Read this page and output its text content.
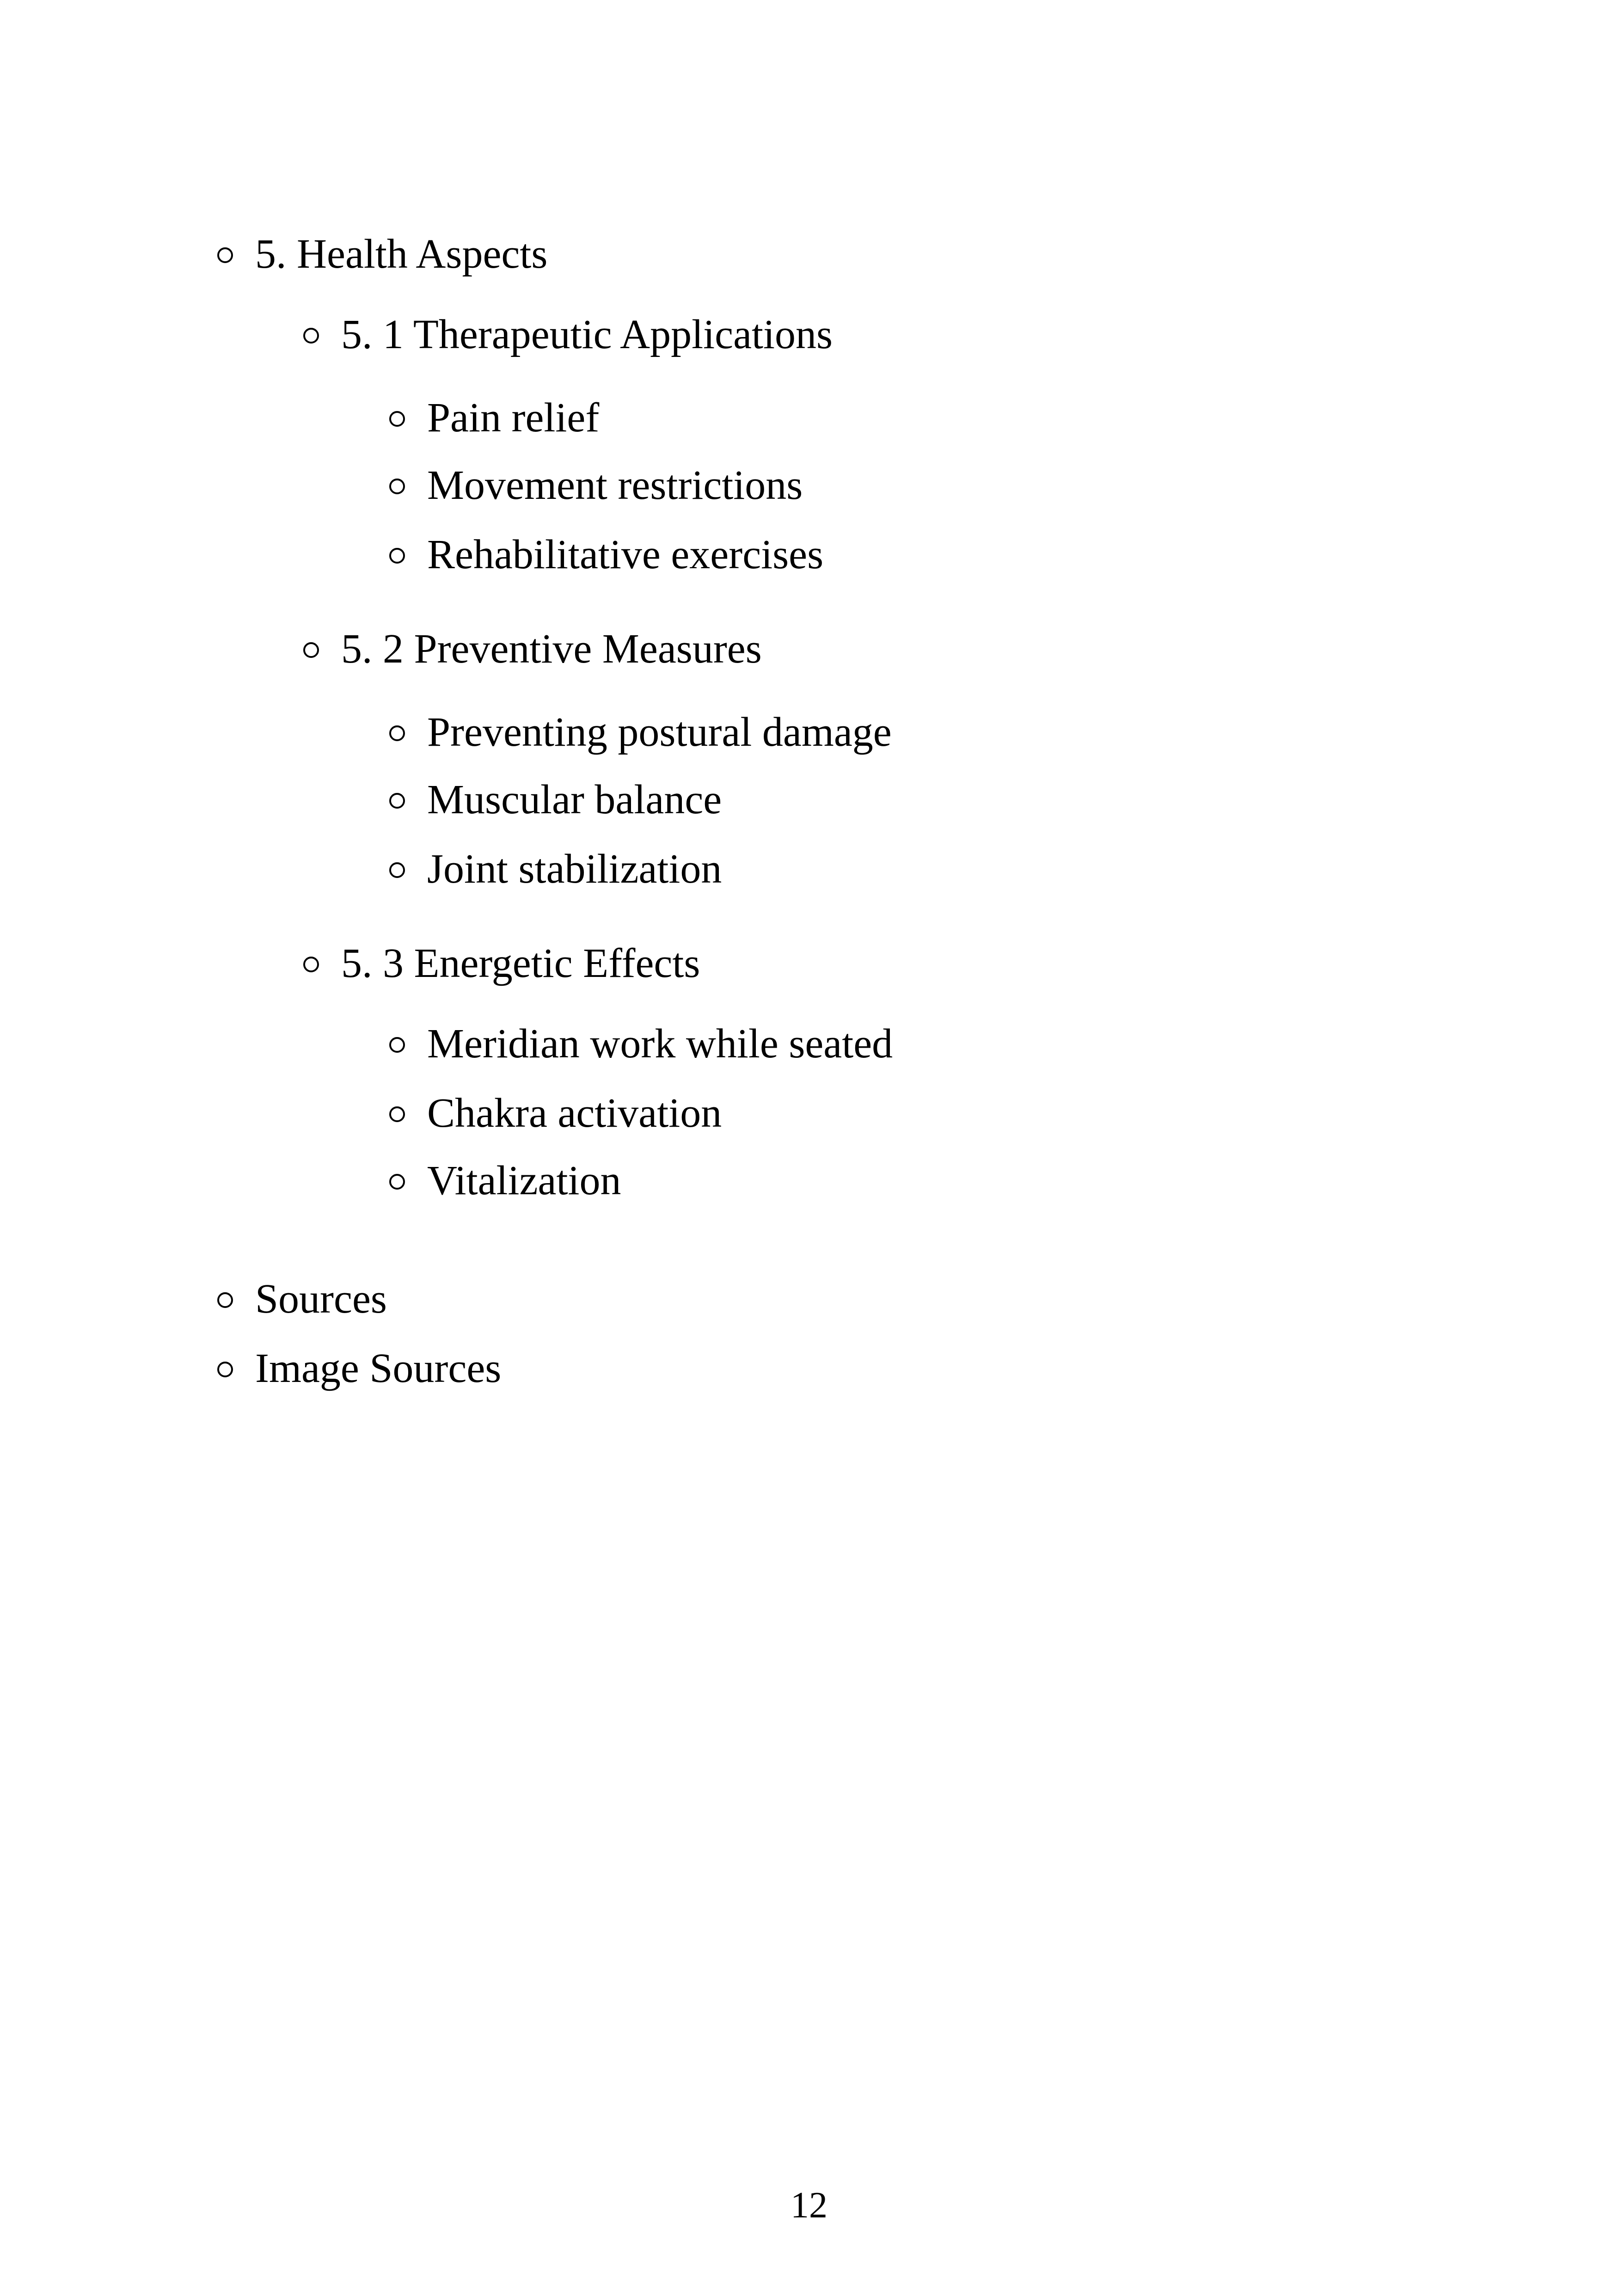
5. Health Aspects
5. 1 Therapeutic Applications
Pain relief
Movement restrictions
Rehabilitative exercises
5. 2 Preventive Measures
Preventing postural damage
Muscular balance
Joint stabilization
5. 3 Energetic Effects
Meridian work while seated
Chakra activation
Vitalization
Sources
Image Sources
12
